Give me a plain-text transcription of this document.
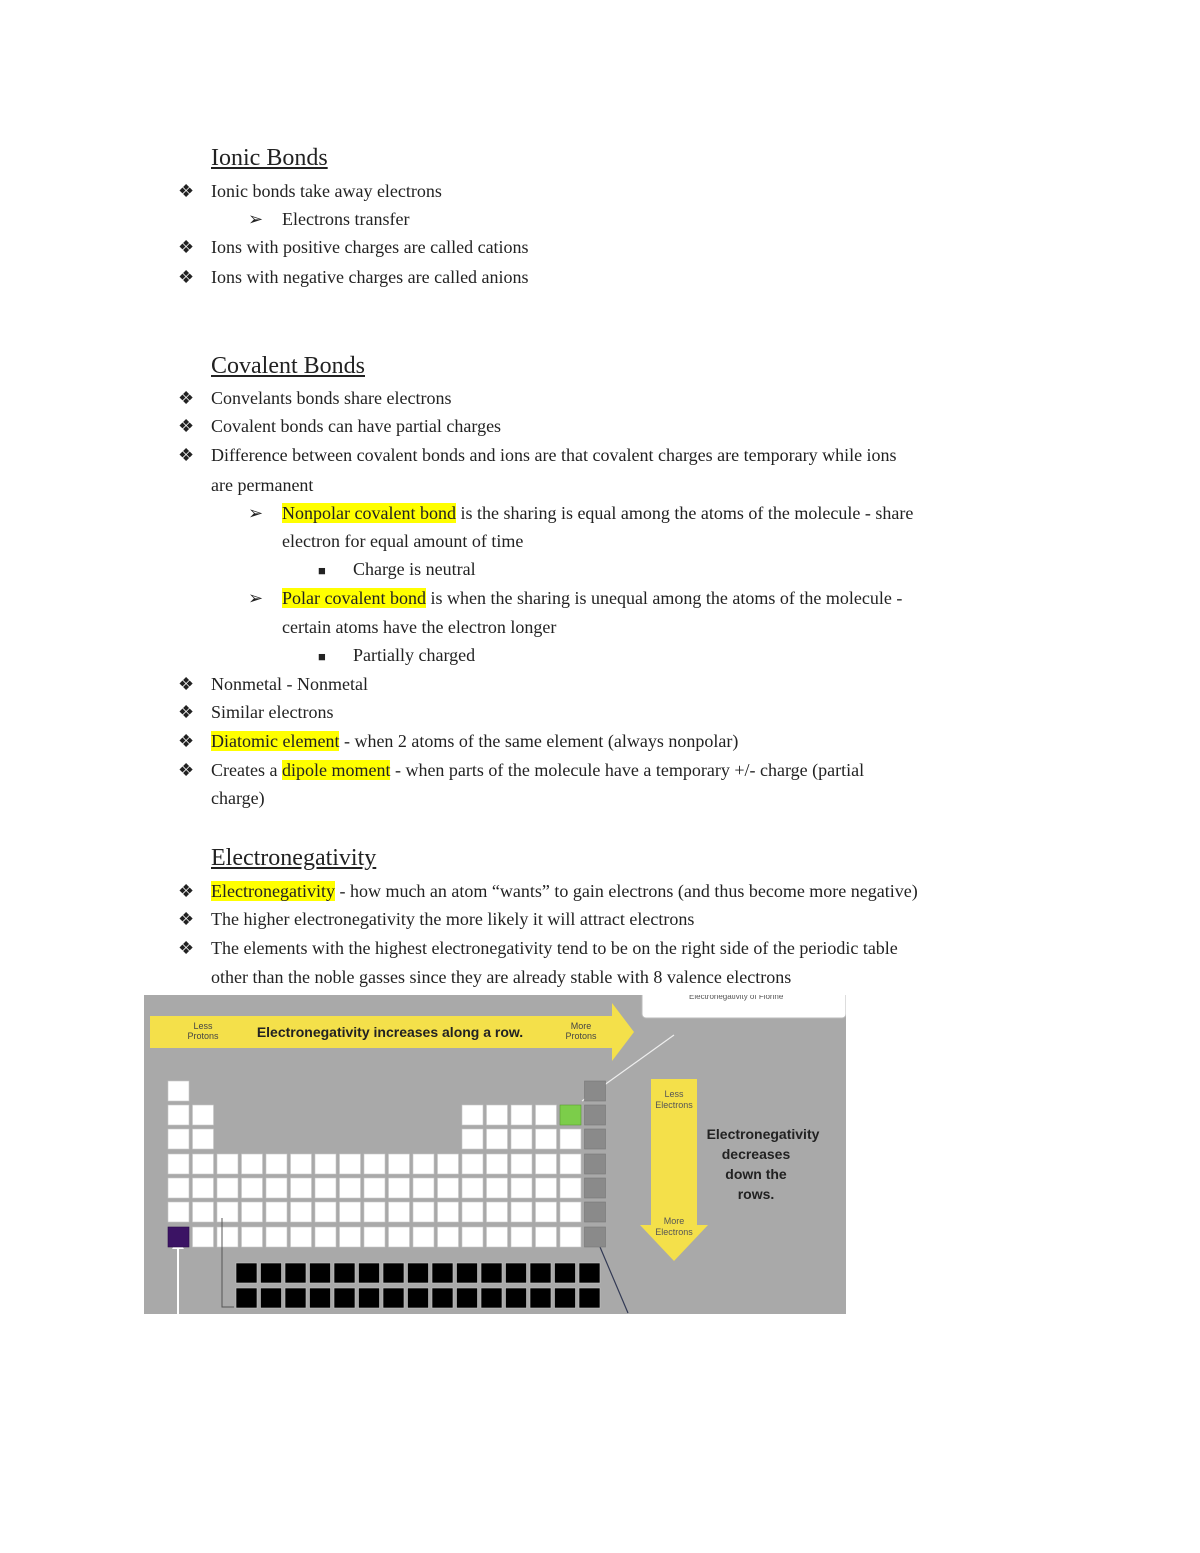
Ionic Bonds
❖ Ionic bonds take away electrons
➢ Electrons transfer
❖ Ions with positive charges are called cations
❖ Ions with negative charges are called anions
Covalent Bonds
❖ Convelants bonds share electrons
❖ Covalent bonds can have partial charges
❖ Difference between covalent bonds and ions are that covalent charges are temporary while ions
are permanent
➢ Nonpolar covalent bond is the sharing is equal among the atoms of the molecule - share
electron for equal amount of time
■ Charge is neutral
➢ Polar covalent bond is when the sharing is unequal among the atoms of the molecule -
certain atoms have the electron longer
■ Partially charged
❖ Nonmetal - Nonmetal
❖ Similar electrons
❖ Diatomic element - when 2 atoms of the same element (always nonpolar)
❖ Creates a dipole moment - when parts of the molecule have a temporary +/- charge (partial
charge)
Electronegativity
❖ Electronegativity - how much an atom “wants” to gain electrons (and thus become more negative)
❖ The higher electronegativity the more likely it will attract electrons
❖ The elements with the highest electronegativity tend to be on the right side of the periodic table
other than the noble gasses since they are already stable with 8 valence electrons
Electronegativity of Florine
Less
Protons	Electronegativity increases along a row.	More
Protons
Less
Electrons
More
Electrons
Electronegativity
decreases
down the
rows.
